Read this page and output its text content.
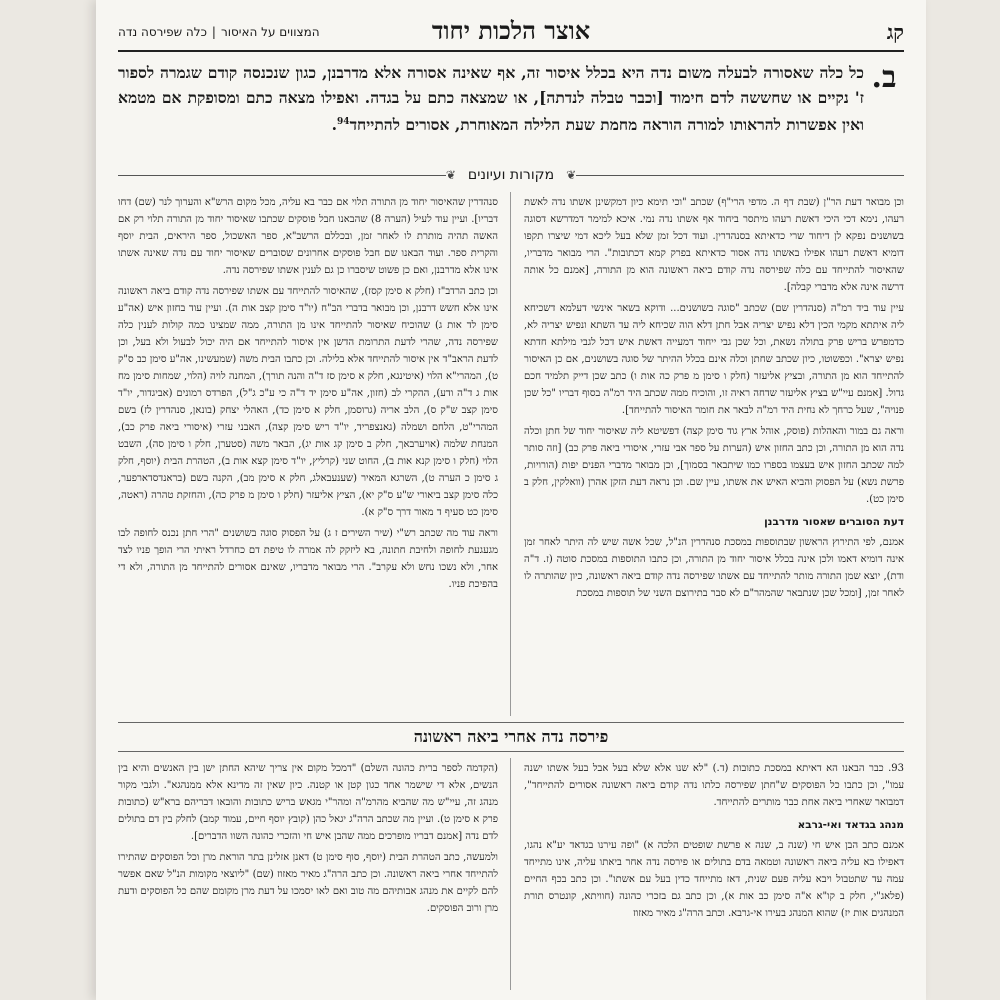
קג
אוצר הלכות יחוד
המצווים על האיסור|כלה שפירסה נדה
ב.
כל כלה שאסורה לבעלה משום נדה היא בכלל איסור זה, אף שאינה אסורה אלא מדרבנן, כגון שנכנסה קודם שגמרה לספור ז' נקיים או שחששה לדם חימוד [וכבר טבלה לנדתה], או שמצאה כתם על בגדה. ואפילו מצאה כתם ומסופקת אם מטמא ואין אפשרות להראותו למורה הוראה מחמת שעת הלילה המאוחרת, אסורים להתייחד$^{94}$.
❦
מקורות ועיונים
❦

וכן מבואר דעת הר"ן (שבת דף ה. מדפי הרי"ף) שכתב "וכי תימא כיון דמקשינן אשתו נדה לאשת רעהו, נימא דכי היכי דאשת רעהו מיתסר ביחוד אף אשתו נדה נמי. איכא למימר דמדרשא דסוגה בשושנים נפקא לן דיחוד שרי כדאיתא בסנהדרין. ועוד דכל זמן שלא בעל ליכא דמי שיצרו תקפו דומיא דאשת רעהו אפילו באשתו נדה אסור כדאיתא בפרק קמא דכתובות". הרי מבואר מדבריו, שהאיסור להתייחד עם כלה שפירסה נדה קודם ביאה ראשונה הוא מן התורה, [אמנם כל אותה דרשה אינה אלא מדברי קבלה].

עיין עוד ביד רמ"ה (סנהדרין שם) שכתב "סוגה בשושנים... ודוקא בשאר אינשי דעלמא דשכיחא ליה איתתא מקמי הכין דלא נפיש יצריה אבל חתן דלא הוה שכיחא ליה עד השתא ונפיש יצריה לא, כדמפרש בריש פרק בתולה נשאת, וכל שכן גבי ייחוד דמעייה דאשת איש דכל לגבי מילתא חדתא נפיש יצרא". וכפשוטו, כיון שכתב שחתן וכלה אינם בכלל ההיתר של סוגה בשושנים, אם כן האיסור להתייחד הוא מן התורה, ובציץ אליעזר (חלק ו סימן מ פרק כה אות ו) כתב שכן דייק תלמיד חכם גדול. [אמנם עיי"ש בציץ אליעזר שדחה ראיה זו, והוכיח ממה שכתב היד רמ"ה בסוף דבריו "כל שכן פנויה", שעל כרחך לא נחית היד רמ"ה לבאר את חומר האיסור להתייחד].

וראה גם במור והאהלות (פוסק, אוהל ארץ גוד סימן קצה) דפשיטא ליה שאיסור יחוד של חתן וכלה נדה הוא מן התורה, וכן כתב החזון איש (הערות על ספר אבי עזרי, איסורי ביאה פרק כב) [וזה סותר למה שכתב החזון איש בעצמו בספרו כמו שיתבאר בסמוך], וכן מבואר מדברי הפנים יפות (הורויות, פרשת נשא) על הפסוק והביא האיש את אשתו, עיין שם. וכן נראה דעת הזקן אהרן (וואלקין, חלק ב סימן כט).

דעת הסוברים שאסור מדרבנן

אמנם, לפי התירוץ הראשון שבתוספות במסכת סנהדרין הנ"ל, שכל אשה שיש לה היתר לאחר זמן אינה דומיא דאמו ולכן אינה בכלל איסור יחוד מן התורה, וכן כתבו התוספות במסכת סוטה (ז. ד"ה ודת), יוצא שמן התורה מותר להתייחד עם אשתו שפירסה נדה קודם ביאה ראשונה, כיון שהותרה לו לאחר זמן, [ומכל שכן שנתבאר שהמהר"ם לא סבר בתירוצם השני של תוספות במסכת

סנהדרין שהאיסור יחוד מן התורה תלוי אם כבר בא עליה, מכל מקום הרש"א והערוך לנר (שם) דחו דבריו]. ועיין עוד לעיל (הערה 8) שהבאנו חבל פוסקים שכתבו שאיסור יחוד מן התורה תלוי רק אם האשה תהיה מותרת לו לאחר זמן, ובכללם הרשב"א, ספר האשכול, ספר היראים, הבית יוסף והקרית ספר. ועוד הבאנו שם חבל פוסקים אחרונים שסוברים שאיסור יחוד עם נדה שאינה אשתו אינו אלא מדרבנן, ואם כן פשוט שיסברו כן גם לענין אשתו שפירסה נדה.

וכן כתב הרדב"ז (חלק א סימן קסז), שהאיסור להתייחד עם אשתו שפירסה נדה קודם ביאה ראשונה אינו אלא חשש דרבנן, וכן מבואר בדברי הב"ח (יו"ד סימן קצב אות ה). ועיין עוד בחזון איש (אה"ע סימן לד אות ג) שהוכיח שאיסור להתייחד אינו מן התורה, ממה שמצינו כמה קולות לענין כלה שפירסה נדה, שהרי לדעת התרומת הדשן אין איסור להתייחד אם היה יכול לבעול ולא בעל, וכן לדעת הראב"ד אין איסור להתייחד אלא בלילה. וכן כתבו הבית משה (שמעשינו, אה"ע סימן כב ס"ק ט), המהרי"א הלוי (איטינגא, חלק א סימן סז ד"ה והנה תורך), המחנה לויה (הלוי, שמחות סימן מח אות ג ד"ה ודע), ההקרי לב (חזון, אה"ע סימן יד ד"ה כי ע"כ ג"ל), הפרדס רמונים (אביגדור, יו"ד סימן קצב ש"ק ס), הלב אריה (גרוסמן, חלק א סימן כד), האהלי יצחק (בונאן, סנהדרין לז) בשם המהרי"ט, הלחם ושמלה (גאנצפריד, יו"ד ריש סימן קצה), האבני עזרי (איסורי ביאה פרק כב), המנחת שלמה (אויערבאך, חלק ב סימן קג אות יג), הבאר משה (סטערן, חלק ו סימן סה), השבט הלוי (חלק ו סימן קנא אות ב), החוט שני (קרליץ, יו"ד סימן קצא אות ב), הטהרת הבית (יוסף, חלק ג סימן כ הערה ט), השרגא המאיר (שענעבאלג, חלק א סימן מב), הקנה בשם (בראנדסדארפער, כלה סימן קצב ביאורי ש"ע ס"ק יא), הציץ אליעזר (חלק ו סימן מ פרק כה), והחזקת טהרה (ראטה, סימן כט סעיף ד מאור דרך ס"ק א).

וראה עוד מה שכתב רש"י (שיר השירים ז ג) על הפסוק סוגה בשושנים "הרי חתן נכנס לחופה לבו מגעגעת לחופה ולחיבת חתונה, בא ליזקק לה אמרה לו טיפת דם כחרדל ראיתי הרי הופך פניו לצד אחר, ולא נשכו נחש ולא עקרב". הרי מבואר מדבריו, שאינם אסורים להתייחד מן התורה, ולא די בהפיכת פניו.

פירסה נדה אחרי ביאה ראשונה

93. כבר הבאנו הא דאיתא במסכת כתובות (ד.) "לא שנו אלא שלא בעל אבל בעל אשתו ישנה עמו", וכן כתבו כל הפוסקים ש"חתן שפירסה כלתו נדה קודם ביאה ראשונה אסורים להתייחד", דמבואר שאחרי ביאה אחת כבר מותרים להתייחד.

מנהג בגדאד ואי-גרבא

אמנם כתב הבן איש חי (שנה ב, שנה א פרשת שופטים הלכה א) "ופה עירנו בגדאד יע"א נהגו, דאפילו בא עליה ביאה ראשונה וטמאה בדם בתולים או פירסה נדה אחר ביאתו עליה, אינו מתייחד עמה עד שתטבול ויבא עליה פעם שנית, דאז מתייחד כדין בעל עם אשתו". וכן כתב בכף החיים (פלאג"י, חלק ב קו"א א"ה סימן כב אות א), וכן כתב גם בזכרי כהונה (חוויתא, קונטרס תורת המנהגים אות יז) שהוא המנהג בעירו אי-גרבא. וכתב הרה"ג מאיר מאזוז

(הקדמה לספר ברית כהונה השלם) "דמכל מקום אין צריך שיהא החתן ישן בין האנשים והיא בין הנשים, אלא די שישמר אחד כגון קטן או קטנה. כיון שאין זה מדינא אלא ממנהגא". ולגבי מקור מנהג זה, עיי"ש מה שהביא מהרמ"ה ומהר"י מגאש בריש כתובות והובאו דבריהם ברא"ש (כתובות פרק א סימן ט). ועיין מה שכתב הרה"ג יגאל כהן (קובץ יוסף חיים, עמוד קמב) לחלק בין דם בתולים לדם נדה [אמנם דבריו מופרכים ממה שהבן איש חי והזכרי כהונה השוו הדברים].

ולמעשה, כתב הטהרת הבית (יוסף, סוף סימן ט) דאנן אזלינן בתר הוראת מרן וכל הפוסקים שהתירו להתייחד אחרי ביאה ראשונה. וכן כתב הרה"ג מאיר מאזוז (שם) "ליוצאי מקומות הנ"ל שאם אפשר להם לקיים את מנהג אבותיהם מה טוב ואם לאו יסמכו על דעת מרן מקומם שהם כל הפוסקים ודעת מרן ורוב הפוסקים.
